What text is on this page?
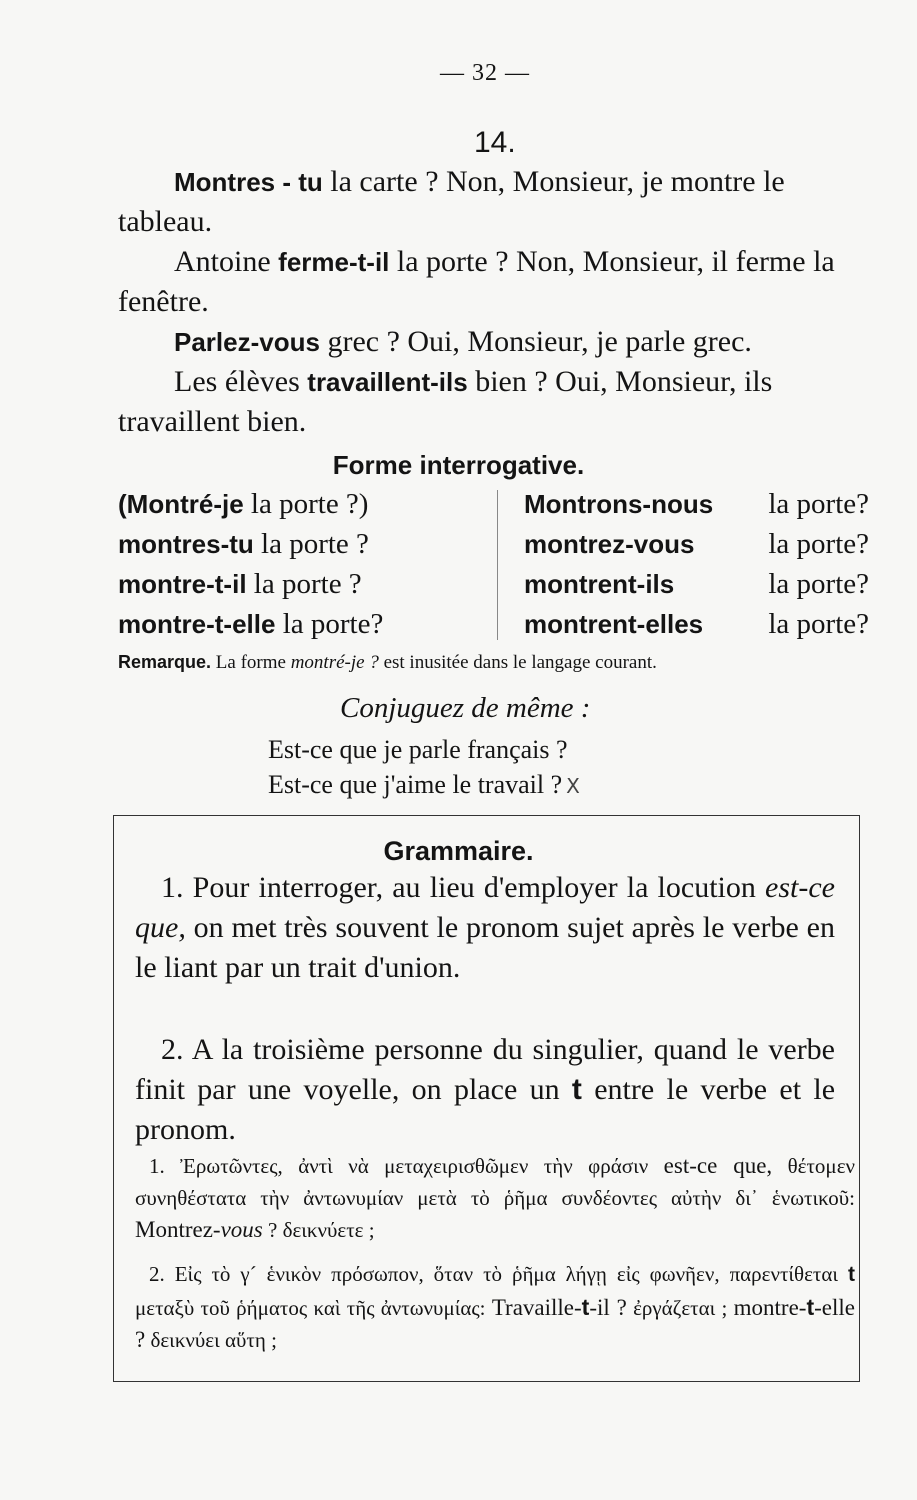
— 32 —
14.

Montres - tu la carte ? Non, Monsieur, je montre le tableau.

Antoine ferme-t-il la porte ? Non, Monsieur, il ferme la fenêtre.

Parlez-vous grec ? Oui, Monsieur, je parle grec.

Les élèves travaillent-ils bien ? Oui, Monsieur, ils travaillent bien.

Forme interrogative.
(Montré-je la porte ?)
montres-tu la porte ?
montre-t-il la porte ?
montre-t-elle la porte?
Montrons-nous la porte?
montrez-vous	la porte?
montrent-ils	la porte?
montrent-elles la porte?
Remarque. La forme montré-je ? est inusitée dans le langage courant.
Conjuguez de même :
Est-ce que je parle français ?
Est-ce que j'aime le travail ? X
Grammaire.

1. Pour interroger, au lieu d'employer la locution est-ce que, on met très souvent le pronom sujet après le verbe en le liant par un trait d'union.

2. A la troisième personne du singulier, quand le verbe finit par une voyelle, on place un t entre le verbe et le pronom.

1. Ἐρωτῶντες, ἀντὶ νὰ μεταχειρισθῶμεν τὴν φράσιν est-ce que, θέτομεν συνηθέστατα τὴν ἀντωνυμίαν μετὰ τὸ ῥῆμα συνδέοντες αὐτὴν δι᾽ ἑνωτικοῦ: Montrez-vous ? δεικνύετε ;

2. Εἰς τὸ γ´ ἑνικὸν πρόσωπον, ὅταν τὸ ῥῆμα λήγῃ εἰς φωνῆεν, παρεντίθεται t μεταξὺ τοῦ ῥήματος καὶ τῆς ἀντωνυμίας: Travaille-t-il ? ἐργάζεται ; montre-t-elle ? δεικνύει αὕτη ;
